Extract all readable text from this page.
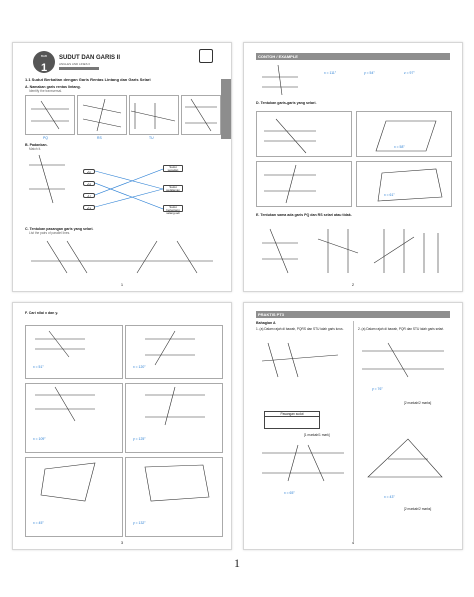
BAB
1
SUDUT DAN GARIS II
ANGLES AND LINES II
1.1 Sudut Berkaitan dengan Garis Rentas Lintang dan Garis Selari
A. Namakan garis rentas lintang.
Identify the transversal.
PQ	RS	TU
B. Padankan.
Match it.
∠p
∠q
∠r
∠s
Sudut sepadan
Sudut pedalaman
Sudut bertentang selang-seli
C. Tentukan pasangan garis yang selari.
List the pairs of parallel lines.
1
CONTOH / EXAMPLE
x = 111°	y = 54°	z = 97°
D. Tentukan garis-garis yang selari.
x = 58°
x = 61°
E. Tentukan sama ada garis PQ dan RS selari atau tidak.
2
F. Cari nilai x dan y.
x = 51°	x = 120°
x = 109°	y = 125°
x = 45°	y = 132°
3
PRAKTIS PT3
Bahagian A
1. (a) Dalam rajah di bawah, PQRS dan STU ialah garis lurus.	2. (a) Dalam rajah di bawah, PQR dan STU ialah garis selari.
y = 76°
[2 markah/2 marks]
Pasangan sudut
[1 markah/1 mark]
x = 65°
x = 43°
[2 markah/2 marks]
4
1
